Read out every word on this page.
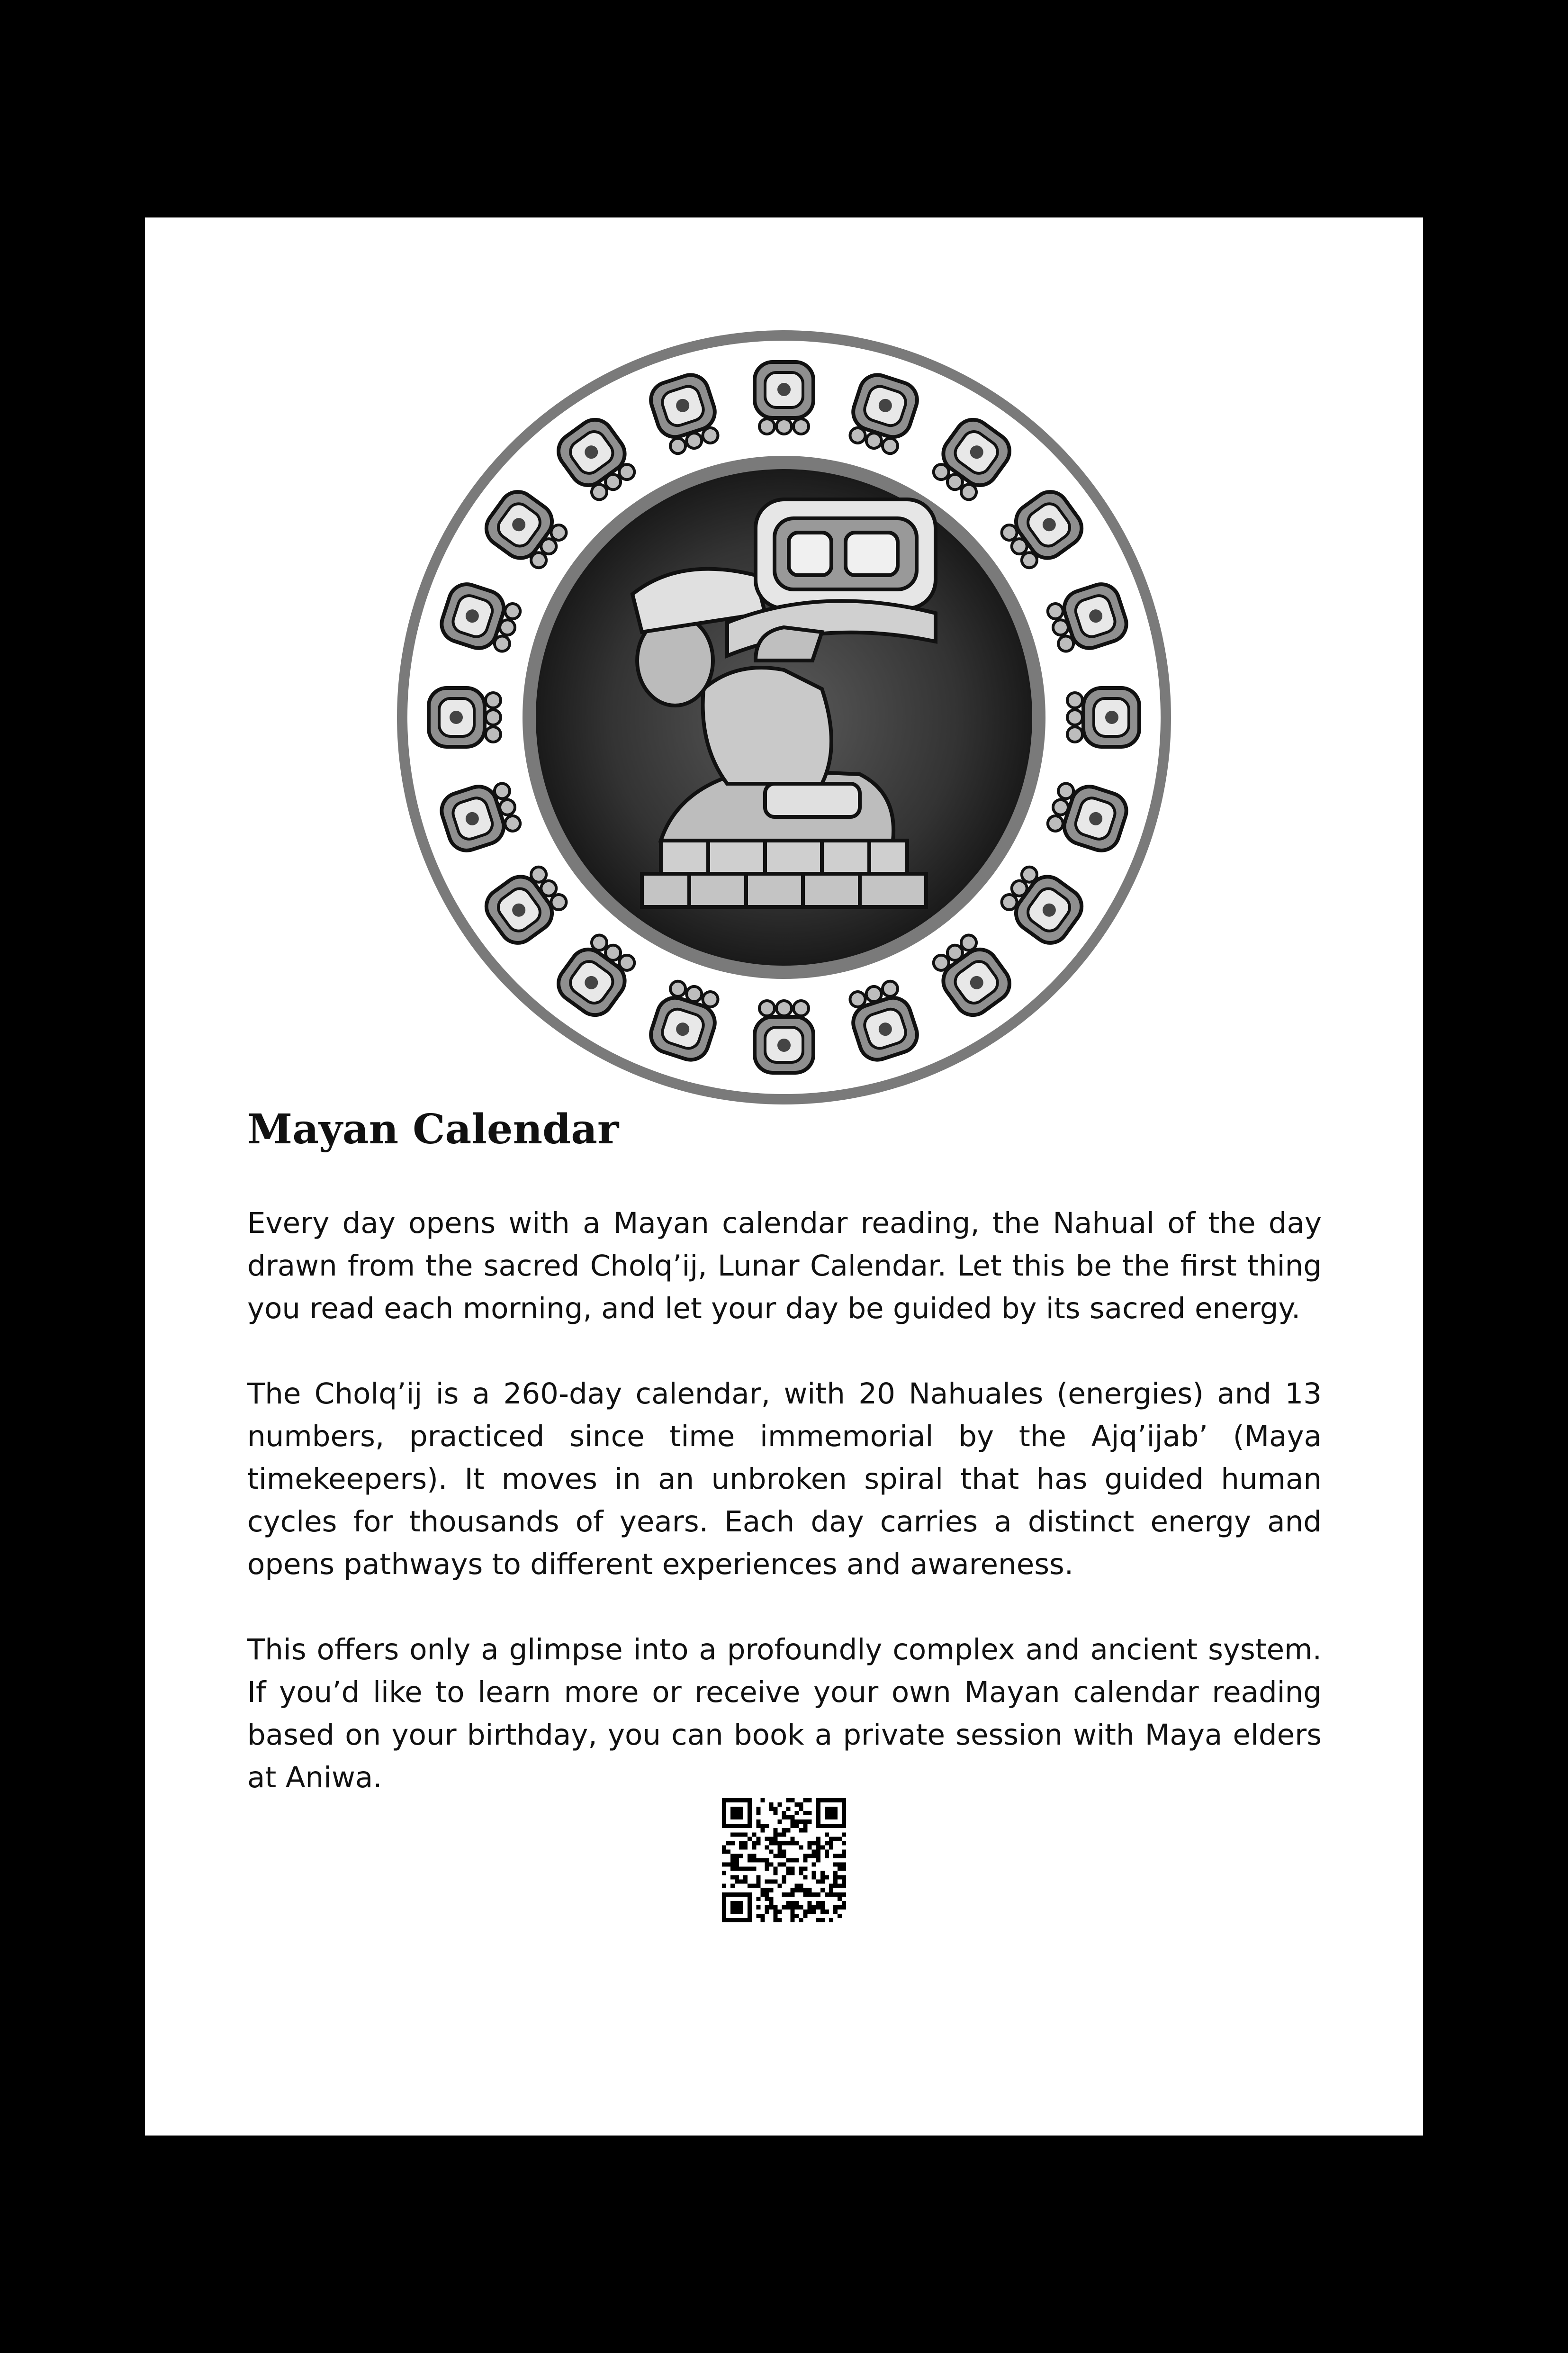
Mayan Calendar

Every day opens with a Mayan calendar reading, the Nahual of the day drawn from the sacred Cholq’ij, Lunar Calendar. Let this be the first thing you read each morning, and let your day be guided by its sacred energy.

The Cholq’ij is a 260-day calendar, with 20 Nahuales (energies) and 13 numbers, practiced since time immemorial by the Ajq’ijab’ (Maya timekeepers). It moves in an unbroken spiral that has guided human cycles for thousands of years. Each day carries a distinct energy and opens pathways to different experiences and awareness.

This offers only a glimpse into a profoundly complex and ancient system. If you’d like to learn more or receive your own Mayan calendar reading based on your birthday, you can book a private session with Maya elders at Aniwa.
